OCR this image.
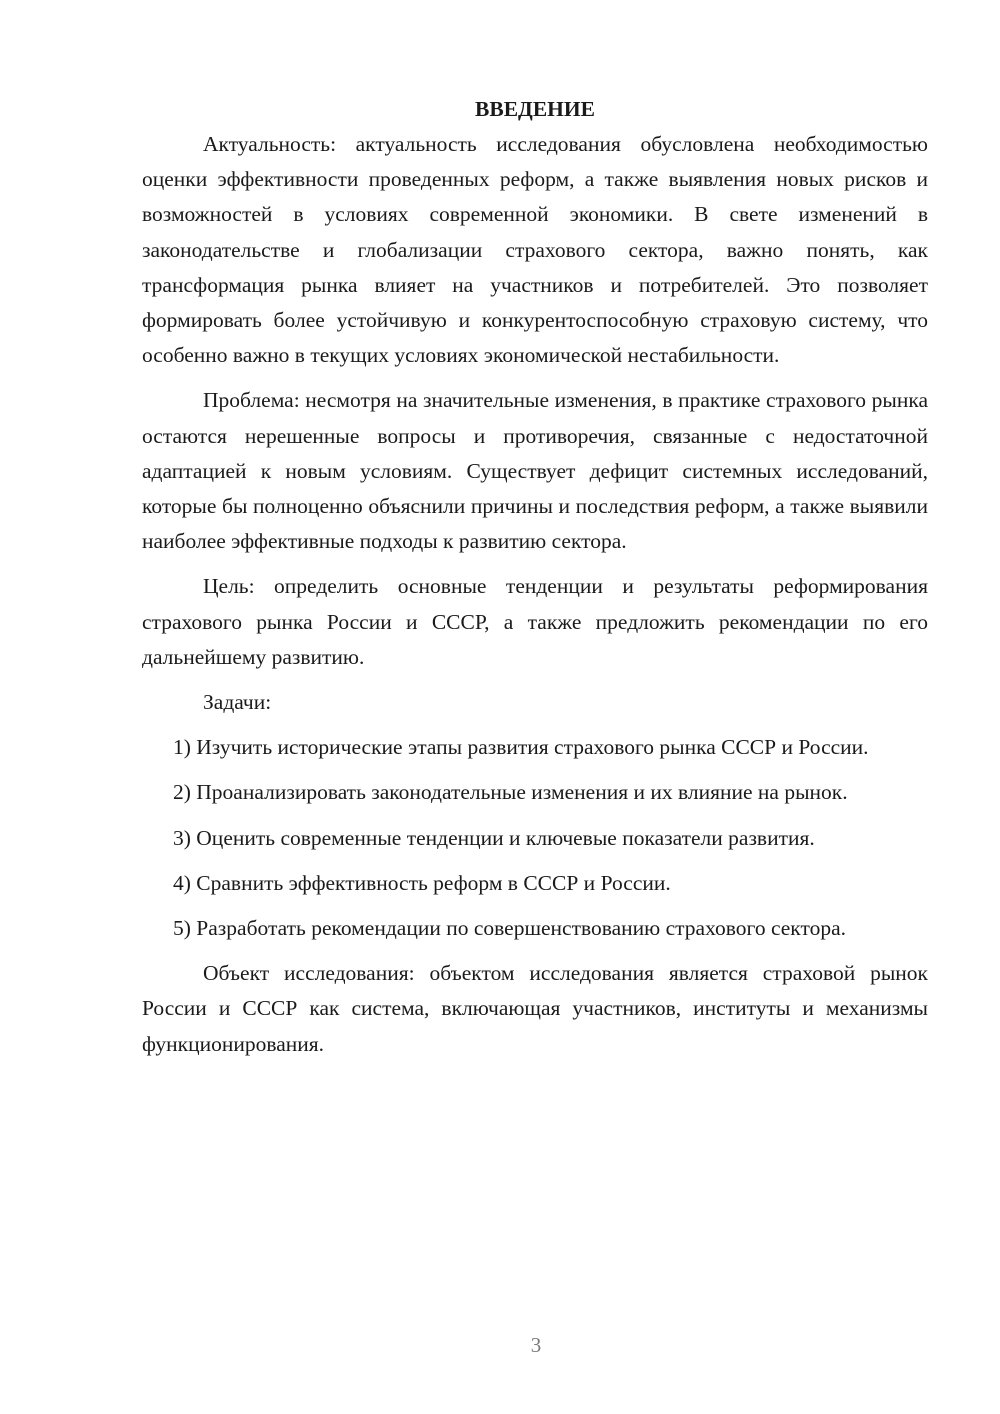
ВВЕДЕНИЕ

Актуальность: актуальность исследования обусловлена необходимостью оценки эффективности проведенных реформ, а также выявления новых рисков и возможностей в условиях современной экономики. В свете изменений в законодательстве и глобализации страхового сектора, важно понять, как трансформация рынка влияет на участников и потребителей. Это позволяет формировать более устойчивую и конкурентоспособную страховую систему, что особенно важно в текущих условиях экономической нестабильности.

Проблема: несмотря на значительные изменения, в практике страхового рынка остаются нерешенные вопросы и противоречия, связанные с недостаточной адаптацией к новым условиям. Существует дефицит системных исследований, которые бы полноценно объяснили причины и последствия реформ, а также выявили наиболее эффективные подходы к развитию сектора.

Цель: определить основные тенденции и результаты реформирования страхового рынка России и СССР, а также предложить рекомендации по его дальнейшему развитию.

Задачи:

1) Изучить исторические этапы развития страхового рынка СССР и России.

2) Проанализировать законодательные изменения и их влияние на рынок.

3) Оценить современные тенденции и ключевые показатели развития.

4) Сравнить эффективность реформ в СССР и России.

5) Разработать рекомендации по совершенствованию страхового сектора.

Объект исследования: объектом исследования является страховой рынок России и СССР как система, включающая участников, институты и механизмы функционирования.

3
